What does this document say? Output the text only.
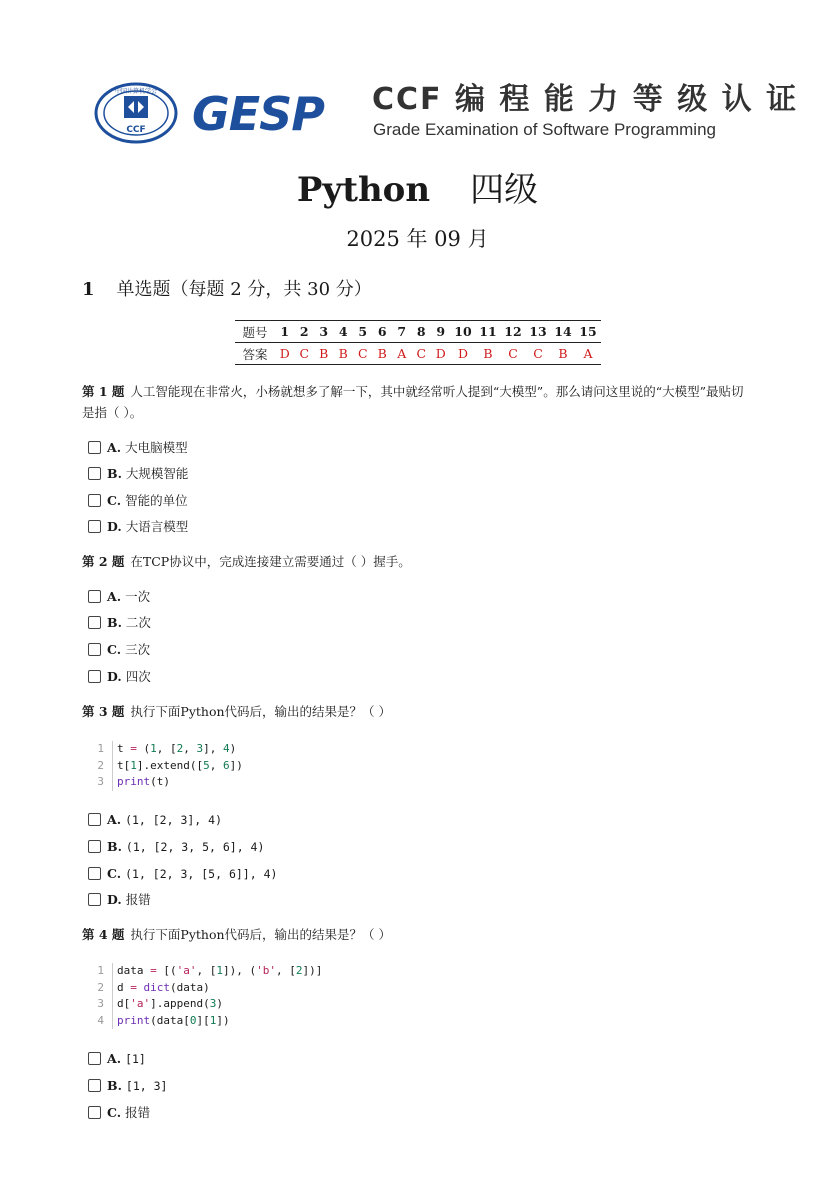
CCF
中国计算机学会 GESP CCF 编 程 能 力 等 级 认 证
Grade Examination of Software Programming
Python 四级
2025 年 09 月
1 单选题（每题 2 分，共 30 分）
题号	1	2	3	4	5	6	7	8	9	10	11	12	13	14	15
答案	D	C	B	B	C	B	A	C	D	D	B	C	C	B	A
第 1 题 人工智能现在非常火，小杨就想多了解一下，其中就经常听人提到“大模型”。那么请问这里说的“大模型”最贴切是指（ ）。
A. 大电脑模型
B. 大规模智能
C. 智能的单位
D. 大语言模型
第 2 题 在TCP协议中，完成连接建立需要通过（ ）握手。
A. 一次
B. 二次
C. 三次
D. 四次
第 3 题 执行下面Python代码后，输出的结果是？（ ）
1 t = (1, [2, 3], 4)
2 t[1].extend([5, 6])
3 print(t)
A. (1, [2, 3], 4)
B. (1, [2, 3, 5, 6], 4)
C. (1, [2, 3, [5, 6]], 4)
D. 报错
第 4 题 执行下面Python代码后，输出的结果是？（ ）
1 data = [('a', [1]), ('b', [2])]
2 d = dict(data)
3 d['a'].append(3)
4 print(data[0][1])
A. [1]
B. [1, 3]
C. 报错
